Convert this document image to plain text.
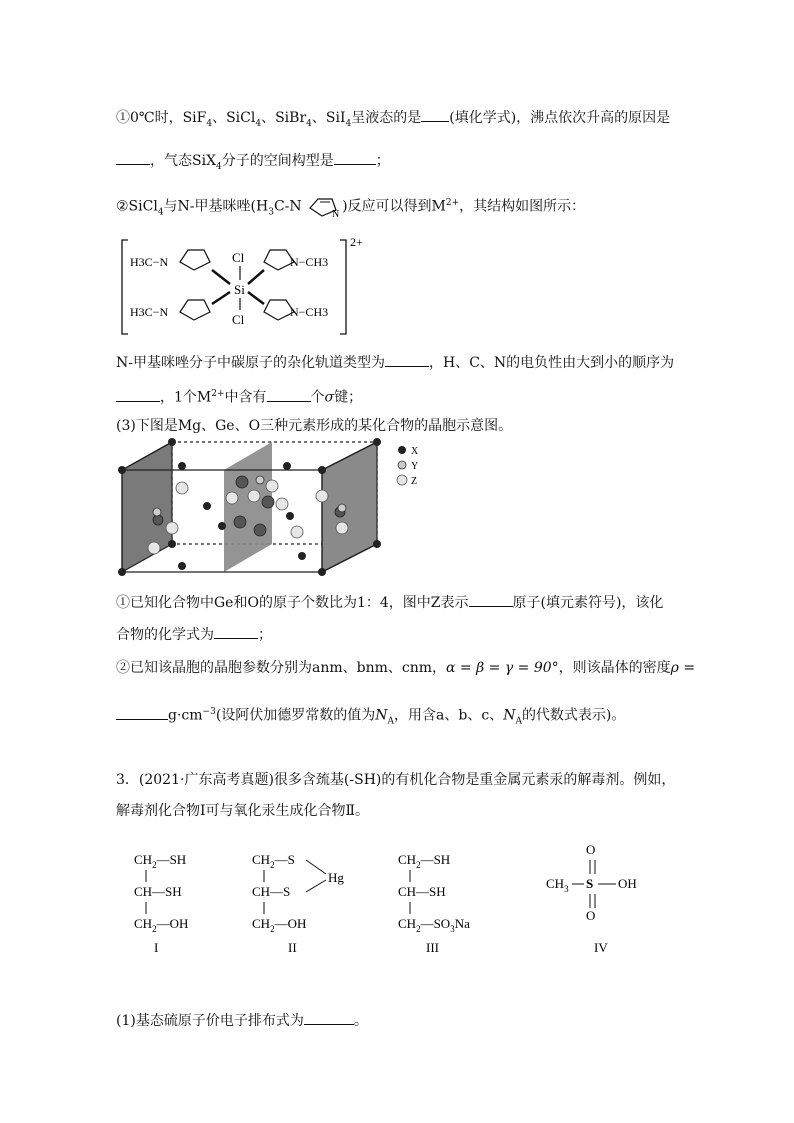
①0℃时，SiF$_4$、SiCl$_4$、SiBr$_4$、SiI$_4$呈液态的是 (填化学式)，沸点依次升高的原因是
，气态SiX$_4$分子的空间构型是	；
②SiCl$_4$与N-甲基咪唑($H_3C-N$	N )反应可以得到$M^{2+}$，其结构如图所示：
2+
Cl
Si
Cl
H3C−N
H3C−N
N−CH3
N−CH3
N-甲基咪唑分子中碳原子的杂化轨道类型为	，H、C、N的电负性由大到小的顺序为
，1个$M^{2+}$中含有	个σ键；
(3)下图是Mg、Ge、O三种元素形成的某化合物的晶胞示意图。
X
Y
Z
①已知化合物中Ge和O的原子个数比为1：4，图中Z表示	原子(填元素符号)，该化
合物的化学式为	；
②已知该晶胞的晶胞参数分别为anm、bnm、cnm，α = β = γ = 90°，则该晶体的密度ρ =
$g\cdot cm^{-3}$(设阿伏加德罗常数的值为$N_A$，用含a、b、c、$N_A$的代数式表示)。
3．(2021·广东高考真题)很多含巯基(-SH)的有机化合物是重金属元素汞的解毒剂。例如，
解毒剂化合物Ⅰ可与氧化汞生成化合物Ⅱ。
$CH_2—SH$
CH—SH
$CH_2—OH$
I
$CH_2—S$
CH—S
Hg
$CH_2—OH$
II
$CH_2—SH$
CH—SH
$CH_2—SO_3Na$
III
O
$CH_3$ S OH
O
IV
(1)基态硫原子价电子排布式为	。
